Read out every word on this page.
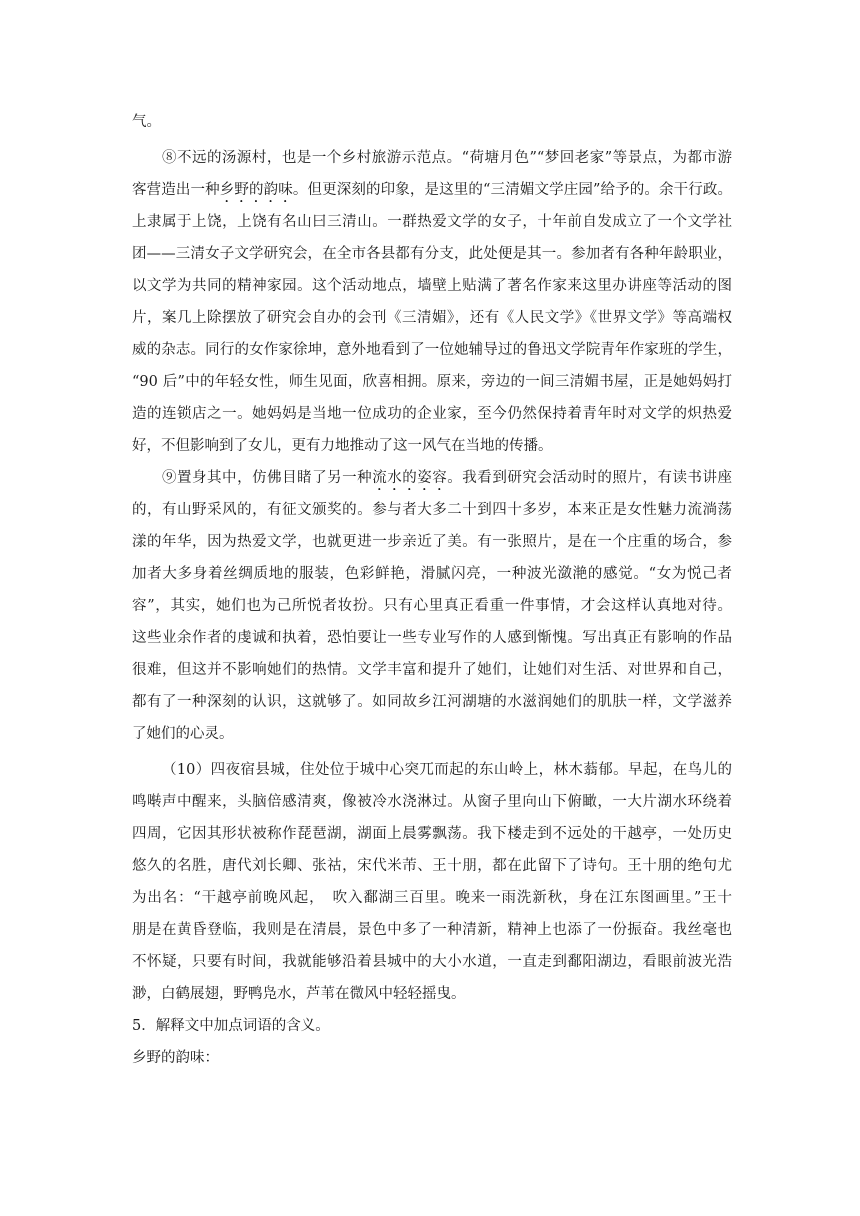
气。
⑧不远的汤源村，也是一个乡村旅游示范点。“荷塘月色”“梦回老家”等景点，为都市游
客营造出一种乡野的韵味。但更深刻的印象，是这里的“三清媚文学庄园”给予的。余干行政。
上隶属于上饶，上饶有名山曰三清山。一群热爱文学的女子，十年前自发成立了一个文学社
团——三清女子文学研究会，在全市各县都有分支，此处便是其一。参加者有各种年龄职业，
以文学为共同的精神家园。这个活动地点，墙壁上贴满了著名作家来这里办讲座等活动的图
片，案几上除摆放了研究会自办的会刊《三清媚》，还有《人民文学》《世界文学》等高端权
威的杂志。同行的女作家徐坤，意外地看到了一位她辅导过的鲁迅文学院青年作家班的学生，
“90 后”中的年轻女性，师生见面，欣喜相拥。原来，旁边的一间三清媚书屋，正是她妈妈打
造的连锁店之一。她妈妈是当地一位成功的企业家，至今仍然保持着青年时对文学的炽热爱
好，不但影响到了女儿，更有力地推动了这一风气在当地的传播。
⑨置身其中，仿佛目睹了另一种流水的姿容。我看到研究会活动时的照片，有读书讲座
的，有山野采风的，有征文颁奖的。参与者大多二十到四十多岁，本来正是女性魅力流淌荡
漾的年华，因为热爱文学，也就更进一步亲近了美。有一张照片，是在一个庄重的场合，参
加者大多身着丝绸质地的服装，色彩鲜艳，滑腻闪亮，一种波光潋滟的感觉。“女为悦己者
容”，其实，她们也为己所悦者妆扮。只有心里真正看重一件事情，才会这样认真地对待。
这些业余作者的虔诚和执着，恐怕要让一些专业写作的人感到惭愧。写出真正有影响的作品
很难，但这并不影响她们的热情。文学丰富和提升了她们，让她们对生活、对世界和自己，
都有了一种深刻的认识，这就够了。如同故乡江河湖塘的水滋润她们的肌肤一样，文学滋养
了她们的心灵。
（10）四夜宿县城，住处位于城中心突兀而起的东山岭上，林木蓊郁。早起，在鸟儿的
鸣啭声中醒来，头脑倍感清爽，像被冷水浇淋过。从窗子里向山下俯瞰，一大片湖水环绕着
四周，它因其形状被称作琵琶湖，湖面上晨雾飘荡。我下楼走到不远处的干越亭，一处历史
悠久的名胜，唐代刘长卿、张祜，宋代米芾、王十朋，都在此留下了诗句。王十朋的绝句尤
为出名：“干越亭前晚风起，　吹入鄱湖三百里。晚来一雨洗新秋，身在江东图画里。”王十
朋是在黄昏登临，我则是在清晨，景色中多了一种清新，精神上也添了一份振奋。我丝毫也
不怀疑，只要有时间，我就能够沿着县城中的大小水道，一直走到鄱阳湖边，看眼前波光浩
渺，白鹤展翅，野鸭凫水，芦苇在微风中轻轻摇曳。
5．解释文中加点词语的含义。
乡野的韵味：
